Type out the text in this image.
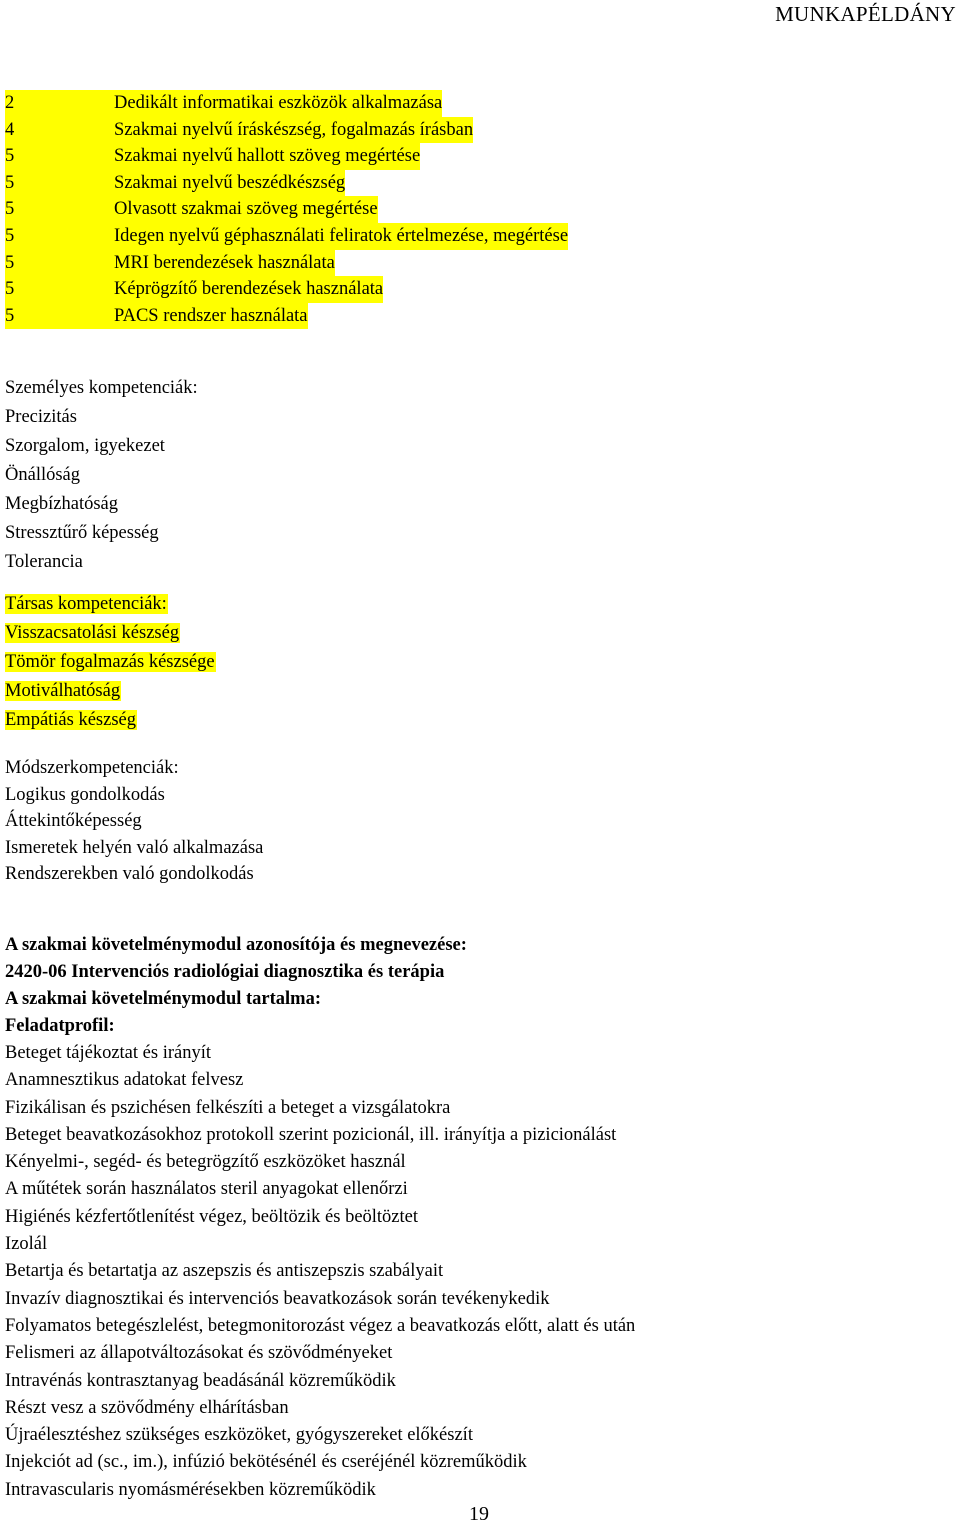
MUNKAPÉLDÁNY
2	Dedikált informatikai eszközök alkalmazása
4	Szakmai nyelvű íráskészség, fogalmazás írásban
5	Szakmai nyelvű hallott szöveg megértése
5	Szakmai nyelvű beszédkészség
5	Olvasott szakmai szöveg megértése
5	Idegen nyelvű géphasználati feliratok értelmezése, megértése
5	MRI berendezések használata
5	Képrögzítő berendezések használata
5	PACS rendszer használata
Személyes kompetenciák:
Precizitás
Szorgalom, igyekezet
Önállóság
Megbízhatóság
Stressztűrő képesség
Tolerancia
Társas kompetenciák:
Visszacsatolási készség
Tömör fogalmazás készsége
Motiválhatóság
Empátiás készség
Módszerkompetenciák:
Logikus gondolkodás
Áttekintőképesség
Ismeretek helyén való alkalmazása
Rendszerekben való gondolkodás
A szakmai követelménymodul azonosítója és megnevezése:
2420-06 Intervenciós radiológiai diagnosztika és terápia
A szakmai követelménymodul tartalma:
Feladatprofil:
Beteget tájékoztat és irányít
Anamnesztikus adatokat felvesz
Fizikálisan és pszichésen felkészíti a beteget a vizsgálatokra
Beteget beavatkozásokhoz protokoll szerint pozicionál, ill. irányítja a pizicionálást
Kényelmi-, segéd- és betegrögzítő eszközöket használ
A műtétek során használatos steril anyagokat ellenőrzi
Higiénés kézfertőtlenítést végez, beöltözik és beöltöztet
Izolál
Betartja és betartatja az aszepszis és antiszepszis szabályait
Invazív diagnosztikai és intervenciós beavatkozások során tevékenykedik
Folyamatos betegészlelést, betegmonitorozást végez a beavatkozás előtt, alatt és után
Felismeri az állapotváltozásokat és szövődményeket
Intravénás kontrasztanyag beadásánál közreműködik
Részt vesz a szövődmény elhárításban
Újraélesztéshez szükséges eszközöket, gyógyszereket előkészít
Injekciót ad (sc., im.), infúzió bekötésénél és cseréjénél közreműködik
Intravascularis nyomásmérésekben közreműködik
19
